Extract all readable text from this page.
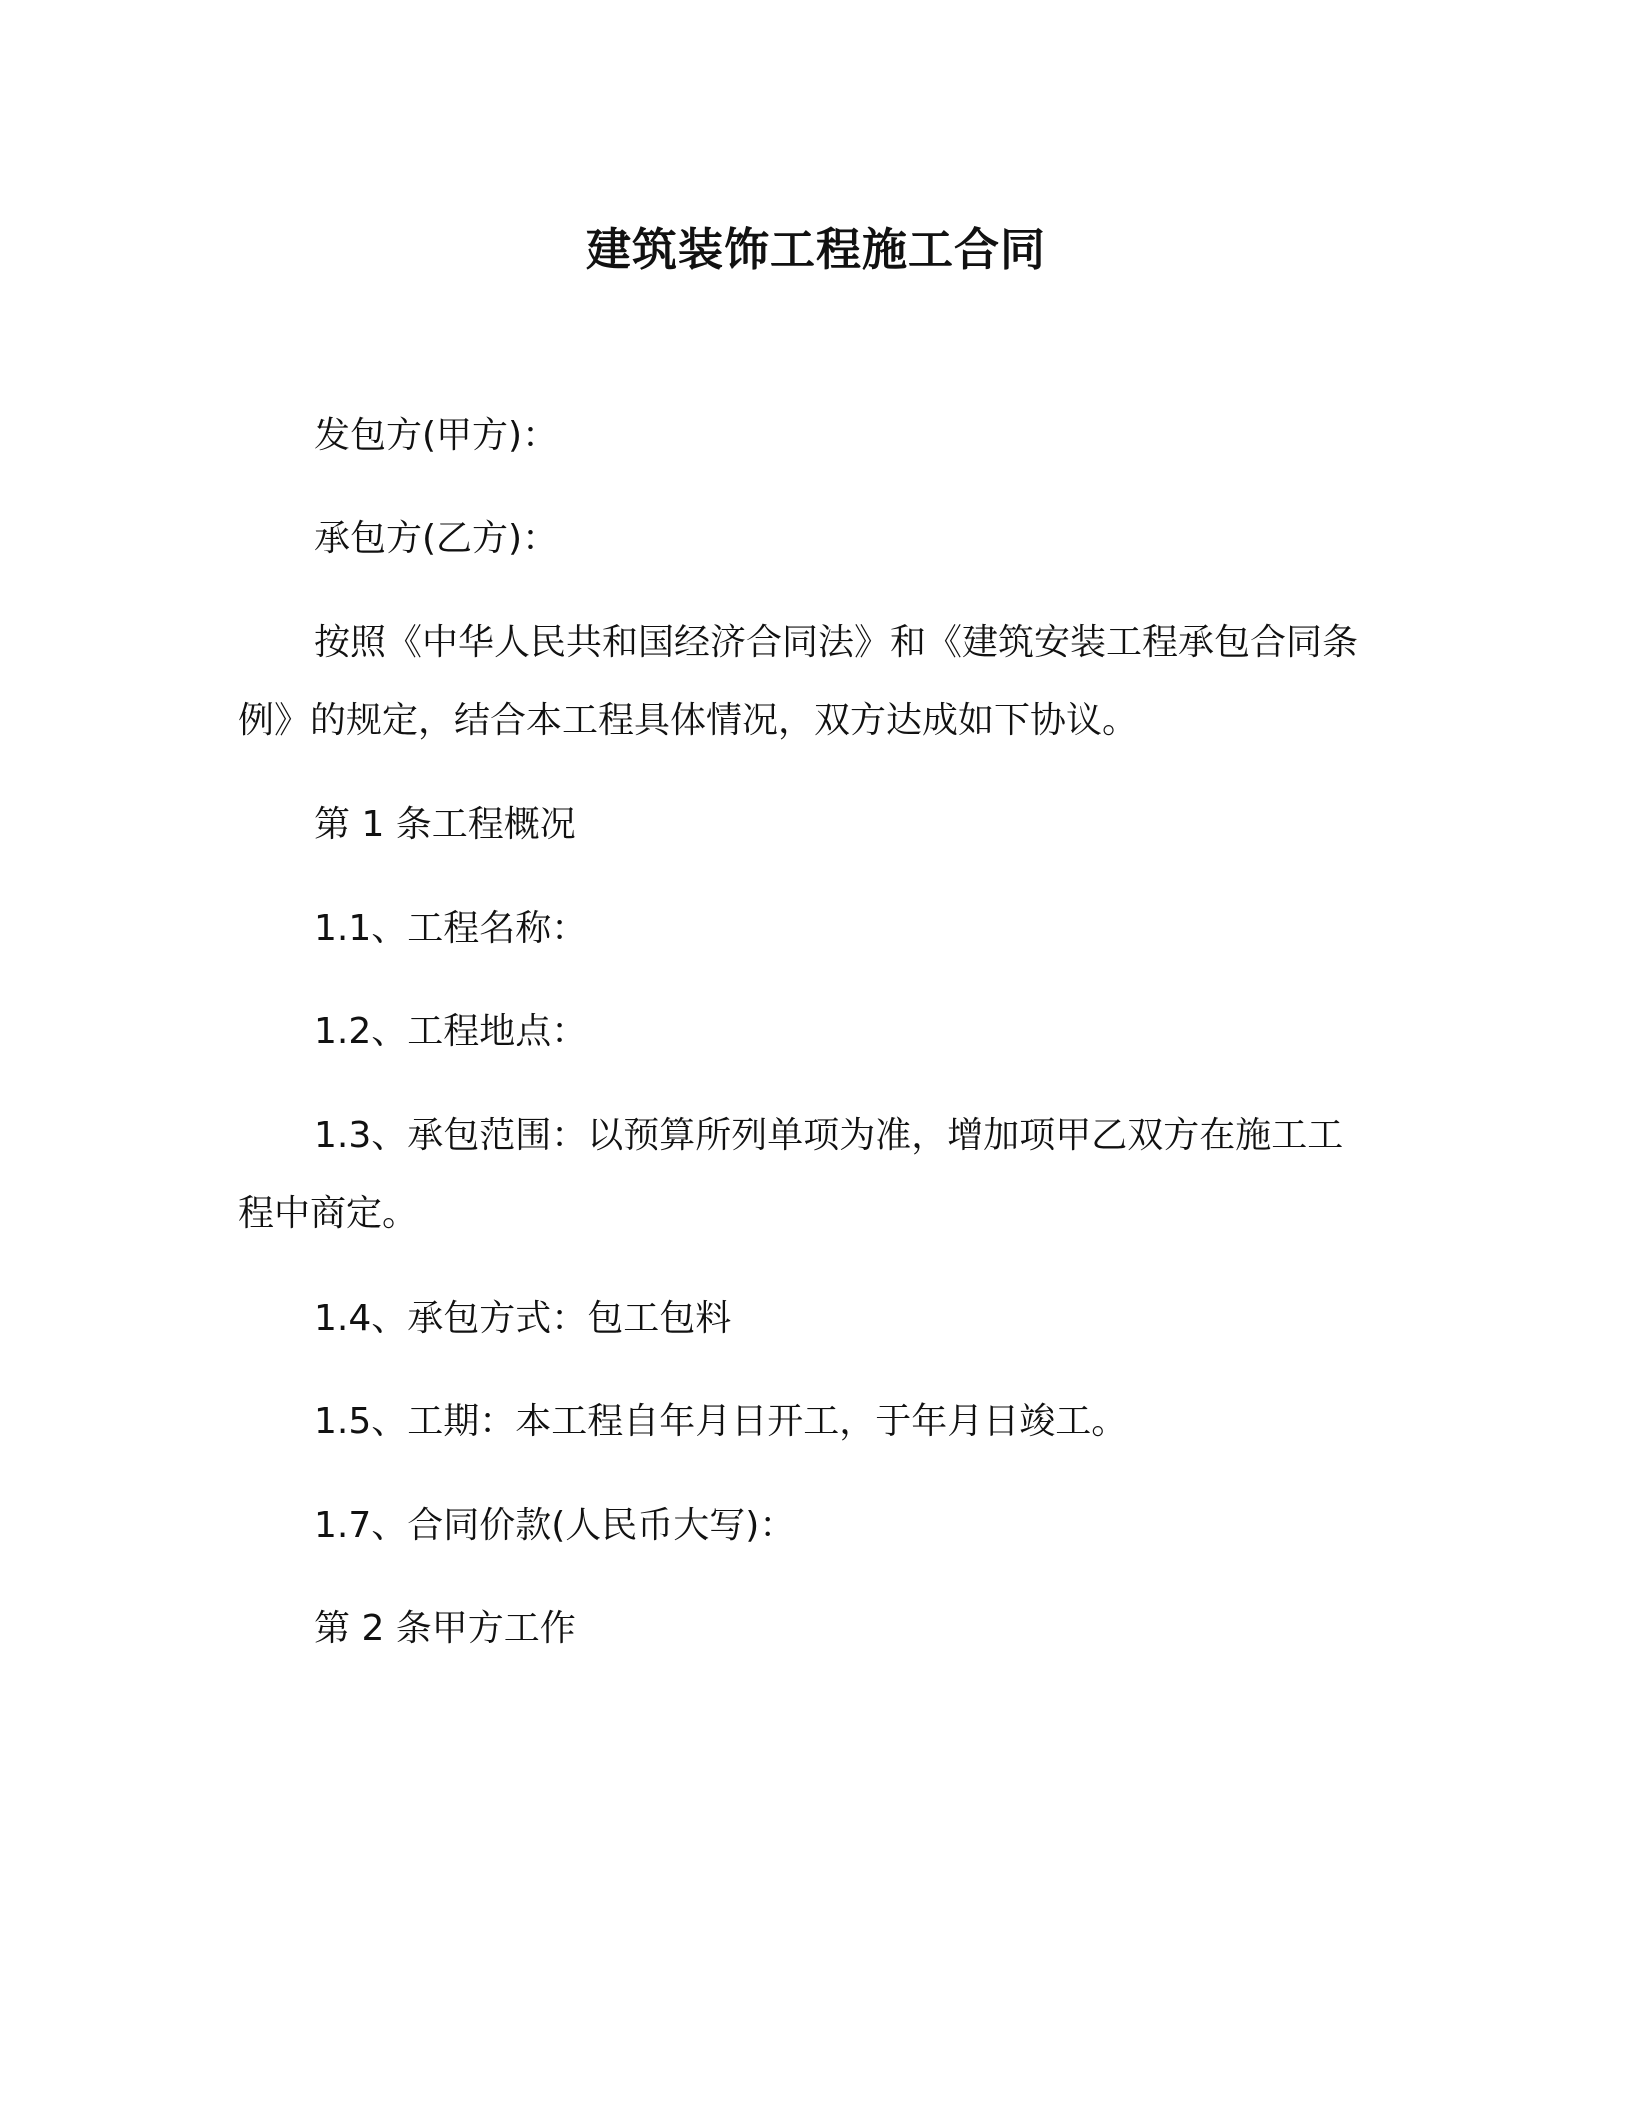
建筑装饰工程施工合同

发包方(甲方)：

承包方(乙方)：

按照《中华人民共和国经济合同法》和《建筑安装工程承包合同条例》的规定，结合本工程具体情况，双方达成如下协议。

第 1 条工程概况

1.1、工程名称：

1.2、工程地点：

1.3、承包范围：以预算所列单项为准，增加项甲乙双方在施工工程中商定。

1.4、承包方式：包工包料

1.5、工期：本工程自年月日开工，于年月日竣工。

1.7、合同价款(人民币大写)：

第 2 条甲方工作
